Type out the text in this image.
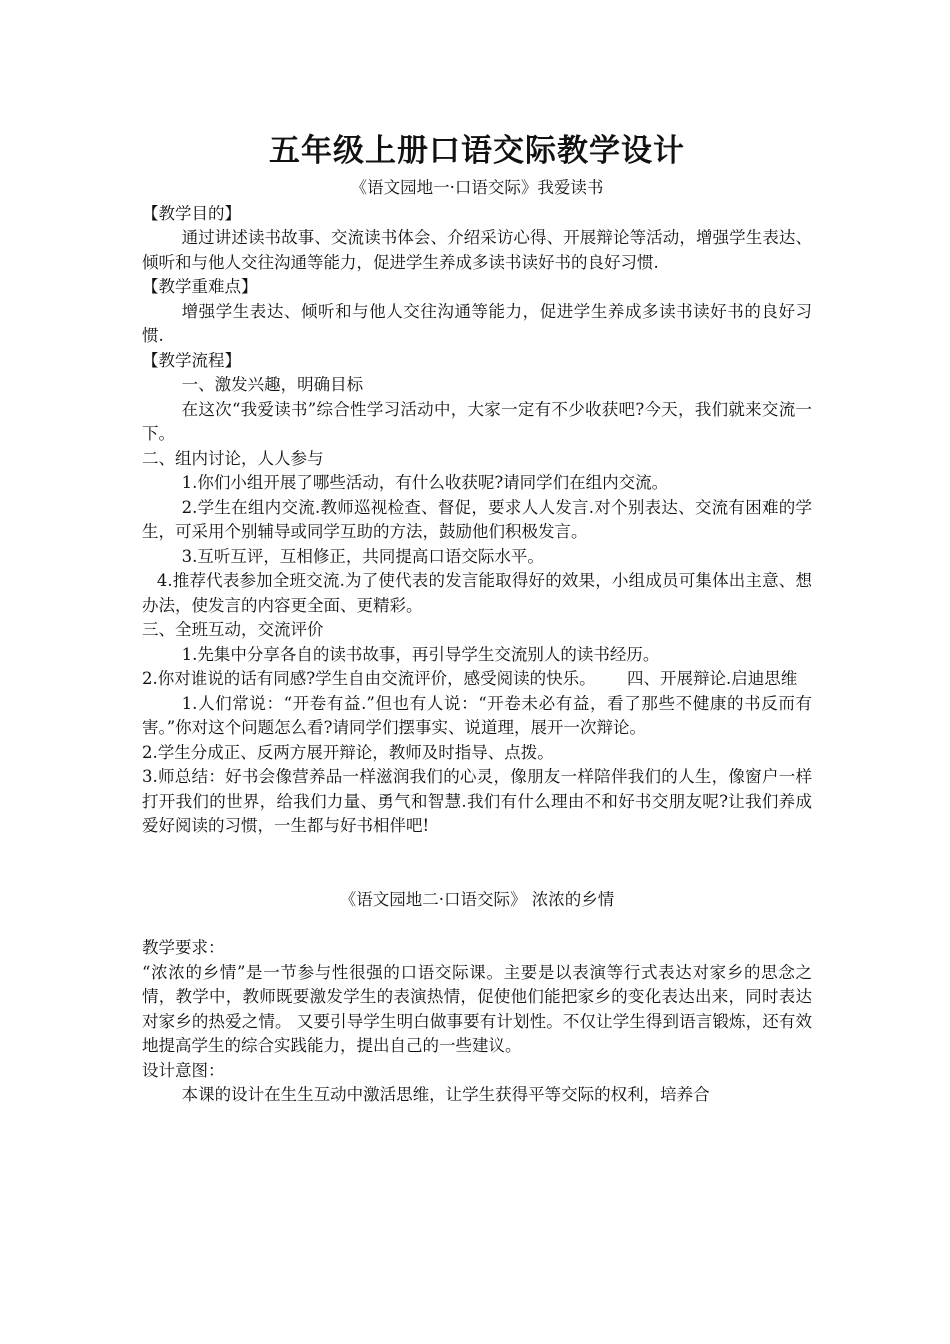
五年级上册口语交际教学设计
《语文园地一·口语交际》我爱读书

【教学目的】

通过讲述读书故事、交流读书体会、介绍采访心得、开展辩论等活动，增强学生表达、倾听和与他人交往沟通等能力，促进学生养成多读书读好书的良好习惯.

【教学重难点】

增强学生表达、倾听和与他人交往沟通等能力，促进学生养成多读书读好书的良好习惯.

【教学流程】

一、激发兴趣，明确目标

在这次“我爱读书”综合性学习活动中，大家一定有不少收获吧?今天，我们就来交流一下。

二、组内讨论，人人参与

1.你们小组开展了哪些活动，有什么收获呢?请同学们在组内交流。

2.学生在组内交流.教师巡视检查、督促，要求人人发言.对个别表达、交流有困难的学生，可采用个别辅导或同学互助的方法，鼓励他们积极发言。

3.互听互评，互相修正，共同提高口语交际水平。

4.推荐代表参加全班交流.为了使代表的发言能取得好的效果，小组成员可集体出主意、想办法，使发言的内容更全面、更精彩。

三、全班互动，交流评价

1.先集中分享各自的读书故事，再引导学生交流别人的读书经历。

2.你对谁说的话有同感?学生自由交流评价，感受阅读的快乐。      四、开展辩论.启迪思维

1.人们常说：“开卷有益.”但也有人说：“开卷未必有益，看了那些不健康的书反而有害。”你对这个问题怎么看?请同学们摆事实、说道理，展开一次辩论。

2.学生分成正、反两方展开辩论，教师及时指导、点拨。

3.师总结：好书会像营养品一样滋润我们的心灵，像朋友一样陪伴我们的人生，像窗户一样打开我们的世界，给我们力量、勇气和智慧.我们有什么理由不和好书交朋友呢?让我们养成爱好阅读的习惯，一生都与好书相伴吧!

《语文园地二·口语交际》 浓浓的乡情

教学要求：

“浓浓的乡情”是一节参与性很强的口语交际课。主要是以表演等行式表达对家乡的思念之情，教学中，教师既要激发学生的表演热情，促使他们能把家乡的变化表达出来，同时表达对家乡的热爱之情。 又要引导学生明白做事要有计划性。不仅让学生得到语言锻炼，还有效地提高学生的综合实践能力，提出自己的一些建议。

设计意图：

本课的设计在生生互动中激活思维，让学生获得平等交际的权利，培养合
